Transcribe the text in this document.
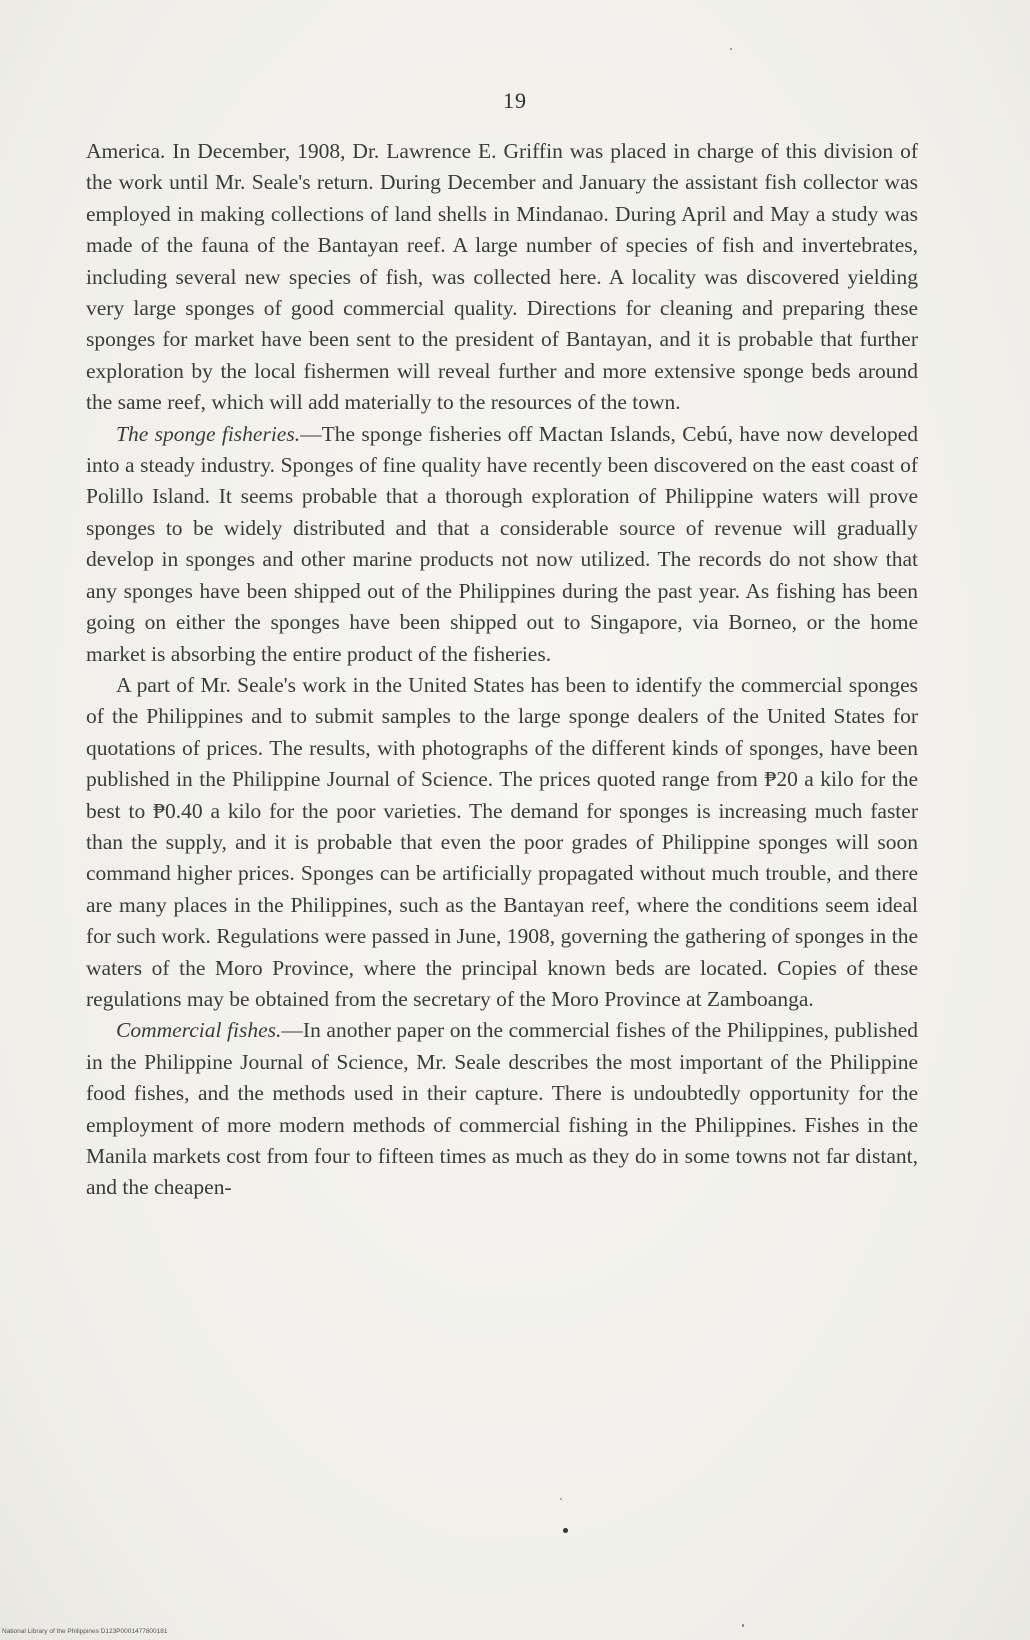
19

America. In December, 1908, Dr. Lawrence E. Griffin was placed in charge of this division of the work until Mr. Seale's return. During December and January the assistant fish collector was employed in making collections of land shells in Mindanao. During April and May a study was made of the fauna of the Bantayan reef. A large number of species of fish and invertebrates, including several new species of fish, was collected here. A locality was discovered yielding very large sponges of good commercial quality. Directions for cleaning and preparing these sponges for market have been sent to the president of Bantayan, and it is probable that further exploration by the local fishermen will reveal further and more extensive sponge beds around the same reef, which will add materially to the resources of the town.

The sponge fisheries.—The sponge fisheries off Mactan Islands, Cebú, have now developed into a steady industry. Sponges of fine quality have recently been discovered on the east coast of Polillo Island. It seems probable that a thorough exploration of Philippine waters will prove sponges to be widely distributed and that a considerable source of revenue will gradually develop in sponges and other marine products not now utilized. The records do not show that any sponges have been shipped out of the Philippines during the past year. As fishing has been going on either the sponges have been shipped out to Singapore, via Borneo, or the home market is absorbing the entire product of the fisheries.

A part of Mr. Seale's work in the United States has been to identify the commercial sponges of the Philippines and to submit samples to the large sponge dealers of the United States for quotations of prices. The results, with photographs of the different kinds of sponges, have been published in the Philippine Journal of Science. The prices quoted range from ₱20 a kilo for the best to ₱0.40 a kilo for the poor varieties. The demand for sponges is increasing much faster than the supply, and it is probable that even the poor grades of Philippine sponges will soon command higher prices. Sponges can be artificially propagated without much trouble, and there are many places in the Philippines, such as the Bantayan reef, where the conditions seem ideal for such work. Regulations were passed in June, 1908, governing the gathering of sponges in the waters of the Moro Province, where the principal known beds are located. Copies of these regulations may be obtained from the secretary of the Moro Province at Zamboanga.

Commercial fishes.—In another paper on the commercial fishes of the Philippines, published in the Philippine Journal of Science, Mr. Seale describes the most important of the Philippine food fishes, and the methods used in their capture. There is undoubtedly opportunity for the employment of more modern methods of commercial fishing in the Philippines. Fishes in the Manila markets cost from four to fifteen times as much as they do in some towns not far distant, and the cheapen-

National Library of the Philippines D123P0001477800181
